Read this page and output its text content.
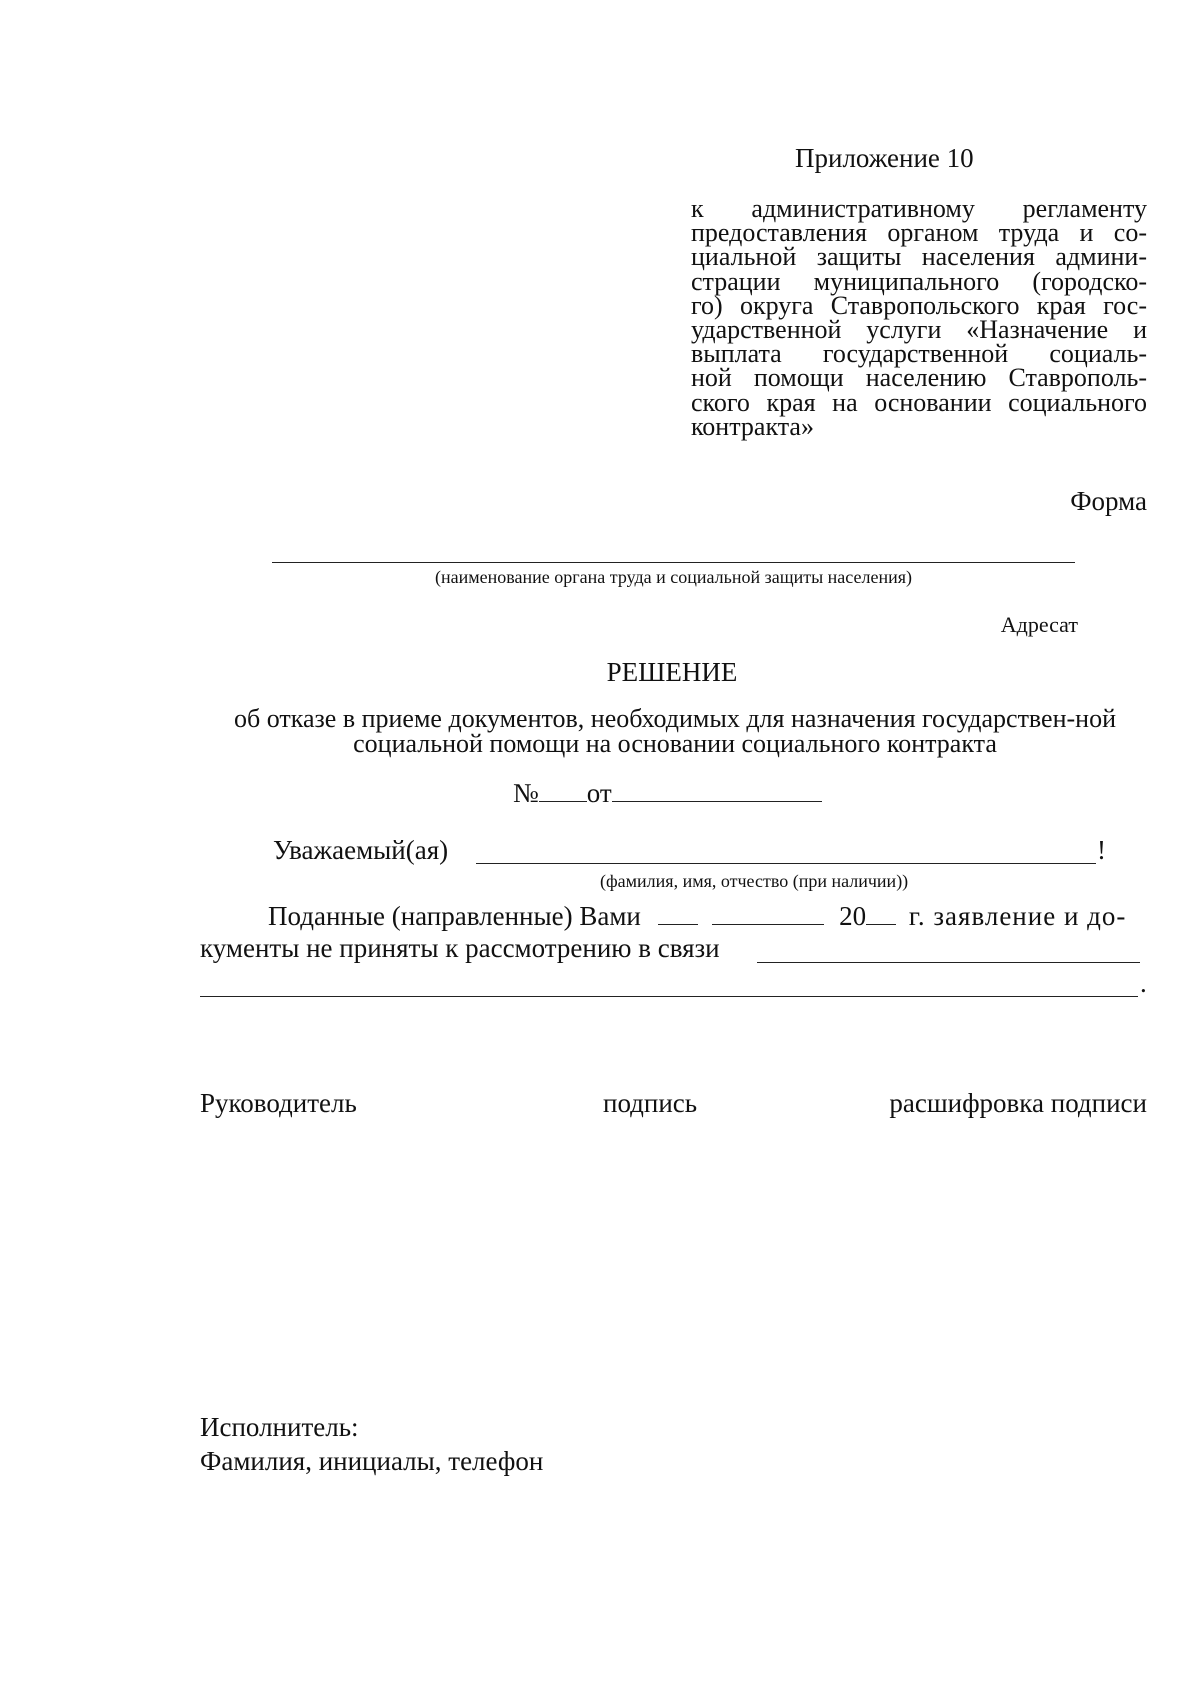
Приложение 10
к административному регламенту
предоставления органом труда и со-
циальной защиты населения админи-
страции муниципального (городско-
го) округа Ставропольского края гос-
ударственной услуги «Назначение и
выплата государственной социаль-
ной помощи населению Ставрополь-
ского края на основании социального
контракта»
Форма
(наименование органа труда и социальной защиты населения)
Адресат
РЕШЕНИЕ
об отказе в приеме документов, необходимых для назначения государствен-ной социальной помощи на основании социального контракта
№ от
Уважаемый(ая)	!
(фамилия, имя, отчество (при наличии))
Поданные (направленные) Вами	20 г. заявление и до-
кументы не приняты к рассмотрению в связи
.
Руководитель	подпись	расшифровка подписи
Исполнитель:
Фамилия, инициалы, телефон
